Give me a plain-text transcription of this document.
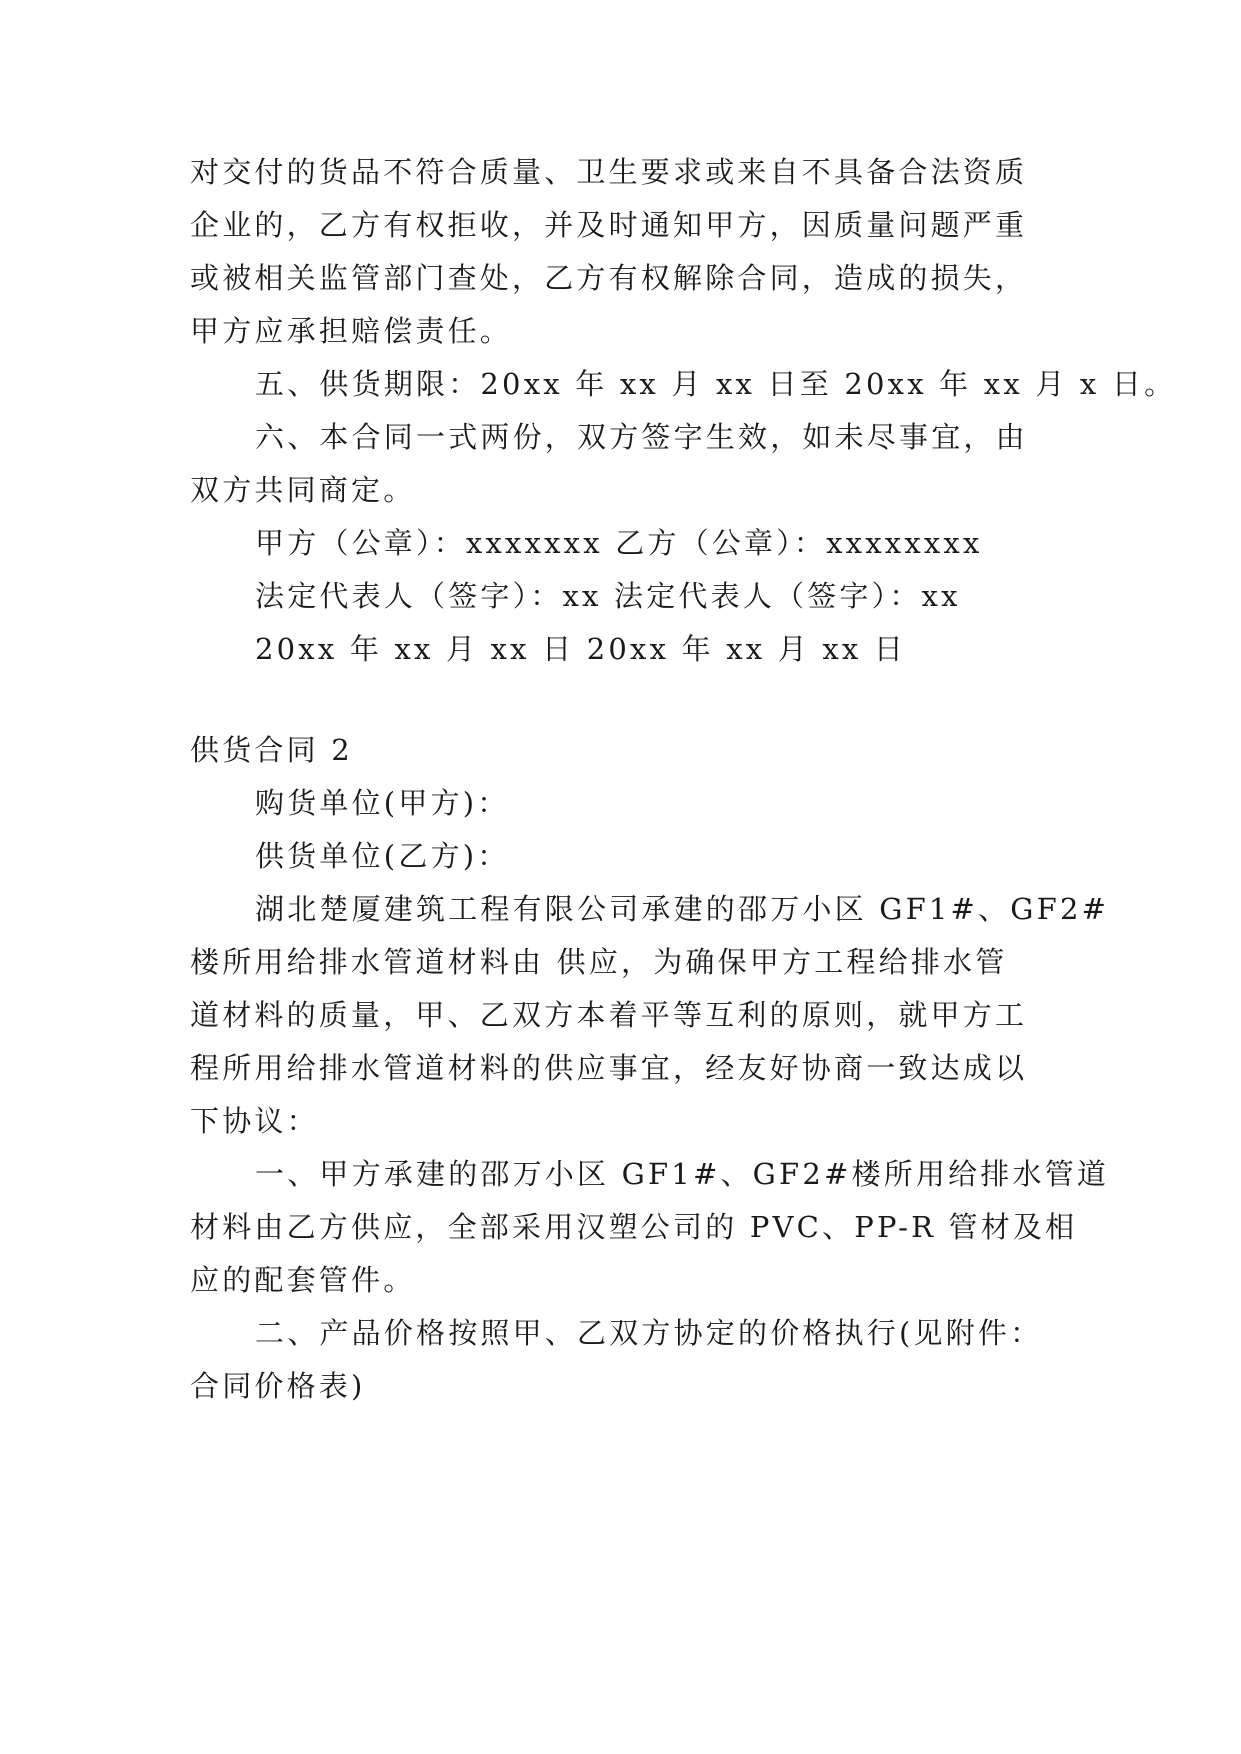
对交付的货品不符合质量、卫生要求或来自不具备合法资质
企业的，乙方有权拒收，并及时通知甲方，因质量问题严重
或被相关监管部门查处，乙方有权解除合同，造成的损失，
甲方应承担赔偿责任。
五、供货期限：20xx 年 xx 月 xx 日至 20xx 年 xx 月 x 日。
六、本合同一式两份，双方签字生效，如未尽事宜，由
双方共同商定。
甲方（公章）：xxxxxxx 乙方（公章）：xxxxxxxx
法定代表人（签字）：xx 法定代表人（签字）：xx
20xx 年 xx 月 xx 日 20xx 年 xx 月 xx 日
供货合同 2
购货单位(甲方)：
供货单位(乙方)：
湖北楚厦建筑工程有限公司承建的邵万小区 GF1#、GF2#
楼所用给排水管道材料由 供应，为确保甲方工程给排水管
道材料的质量，甲、乙双方本着平等互利的原则，就甲方工
程所用给排水管道材料的供应事宜，经友好协商一致达成以
下协议：
一、甲方承建的邵万小区 GF1#、GF2#楼所用给排水管道
材料由乙方供应，全部采用汉塑公司的 PVC、PP-R 管材及相
应的配套管件。
二、产品价格按照甲、乙双方协定的价格执行(见附件：
合同价格表)
